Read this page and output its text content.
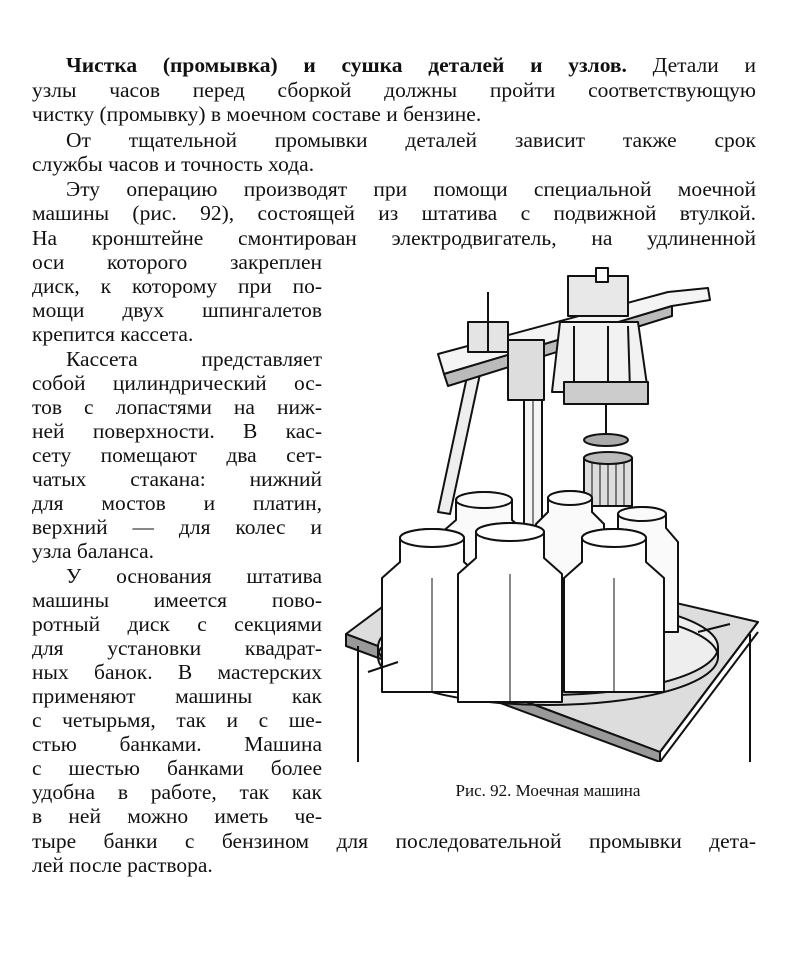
Чистка (промывка) и сушка деталей и узлов. Детали и
узлы часов перед сборкой должны пройти соответствующую
чистку (промывку) в моечном составе и бензине.
От тщательной промывки деталей зависит также срок
службы часов и точность хода.
Эту операцию производят при помощи специальной моечной
машины (рис. 92), состоящей из штатива с подвижной втулкой.
На кронштейне смонтирован электродвигатель, на удлиненной
оси которого закреплен
диск, к которому при по-
мощи двух шпингалетов
крепится кассета.
Кассета представляет
собой цилиндрический ос-
тов с лопастями на ниж-
ней поверхности. В кас-
сету помещают два сет-
чатых стакана: нижний
для мостов и платин,
верхний — для колес и
узла баланса.
У основания штатива
машины имеется пово-
ротный диск с секциями
для установки квадрат-
ных банок. В мастерских
применяют машины как
с четырьмя, так и с ше-
стью банками. Машина
с шестью банками более
удобна в работе, так как
в ней можно иметь че-
тыре банки с бензином для последовательной промывки дета-
лей после раствора.
Рис. 92. Моечная машина
